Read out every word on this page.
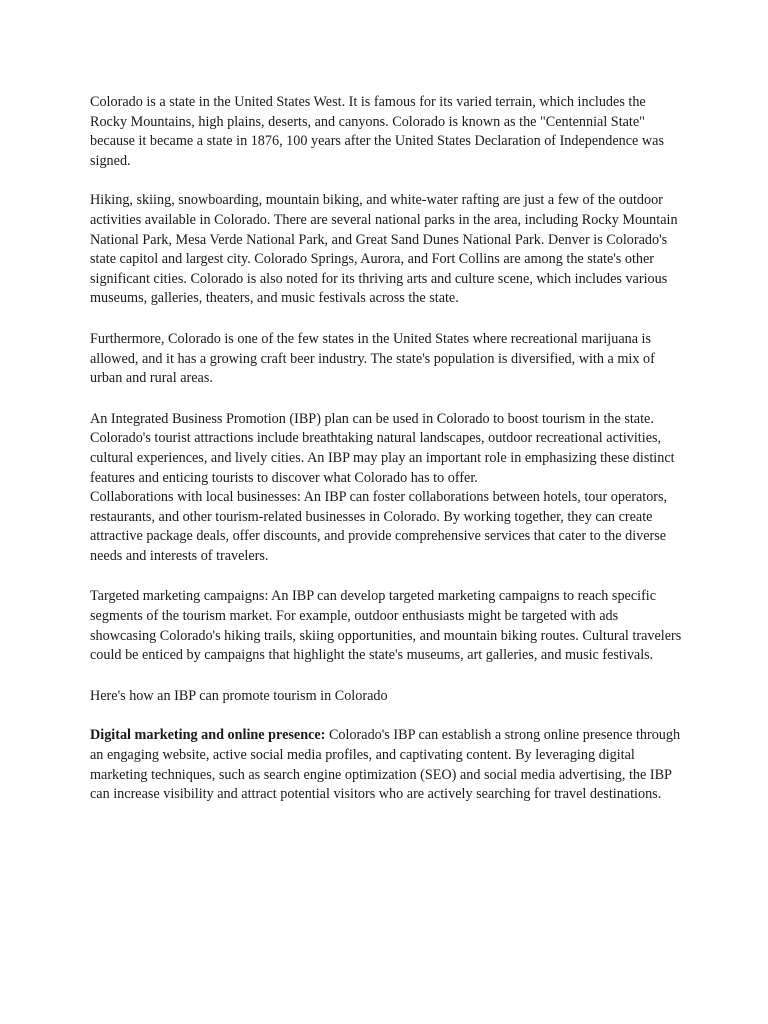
Colorado is a state in the United States West. It is famous for its varied terrain, which includes the Rocky Mountains, high plains, deserts, and canyons. Colorado is known as the "Centennial State" because it became a state in 1876, 100 years after the United States Declaration of Independence was signed.

Hiking, skiing, snowboarding, mountain biking, and white-water rafting are just a few of the outdoor activities available in Colorado. There are several national parks in the area, including Rocky Mountain National Park, Mesa Verde National Park, and Great Sand Dunes National Park. Denver is Colorado's state capitol and largest city. Colorado Springs, Aurora, and Fort Collins are among the state's other significant cities. Colorado is also noted for its thriving arts and culture scene, which includes various museums, galleries, theaters, and music festivals across the state.

Furthermore, Colorado is one of the few states in the United States where recreational marijuana is allowed, and it has a growing craft beer industry. The state's population is diversified, with a mix of urban and rural areas.

An Integrated Business Promotion (IBP) plan can be used in Colorado to boost tourism in the state. Colorado's tourist attractions include breathtaking natural landscapes, outdoor recreational activities, cultural experiences, and lively cities. An IBP may play an important role in emphasizing these distinct features and enticing tourists to discover what Colorado has to offer.

Collaborations with local businesses: An IBP can foster collaborations between hotels, tour operators, restaurants, and other tourism-related businesses in Colorado. By working together, they can create attractive package deals, offer discounts, and provide comprehensive services that cater to the diverse needs and interests of travelers.

Targeted marketing campaigns: An IBP can develop targeted marketing campaigns to reach specific segments of the tourism market. For example, outdoor enthusiasts might be targeted with ads showcasing Colorado's hiking trails, skiing opportunities, and mountain biking routes. Cultural travelers could be enticed by campaigns that highlight the state's museums, art galleries, and music festivals.

Here's how an IBP can promote tourism in Colorado

Digital marketing and online presence: Colorado's IBP can establish a strong online presence through an engaging website, active social media profiles, and captivating content. By leveraging digital marketing techniques, such as search engine optimization (SEO) and social media advertising, the IBP can increase visibility and attract potential visitors who are actively searching for travel destinations.
